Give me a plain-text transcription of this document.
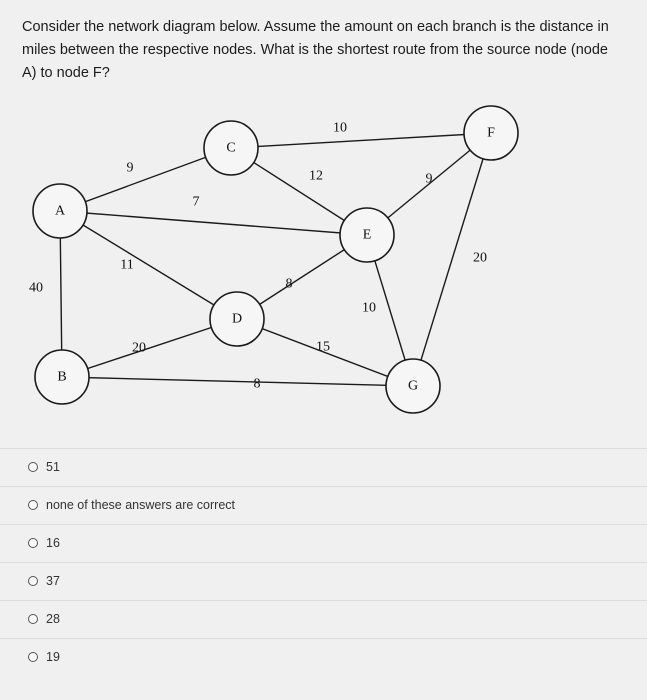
Consider the network diagram below. Assume the amount on each branch is the distance in miles between the respective nodes. What is the shortest route from the source node (node A) to node F?
9
7
11
40
10
12	9
20
8
10
20	15
8
A
B
C
D
E
F
G
51
none of these answers are correct
16
37
28
19
